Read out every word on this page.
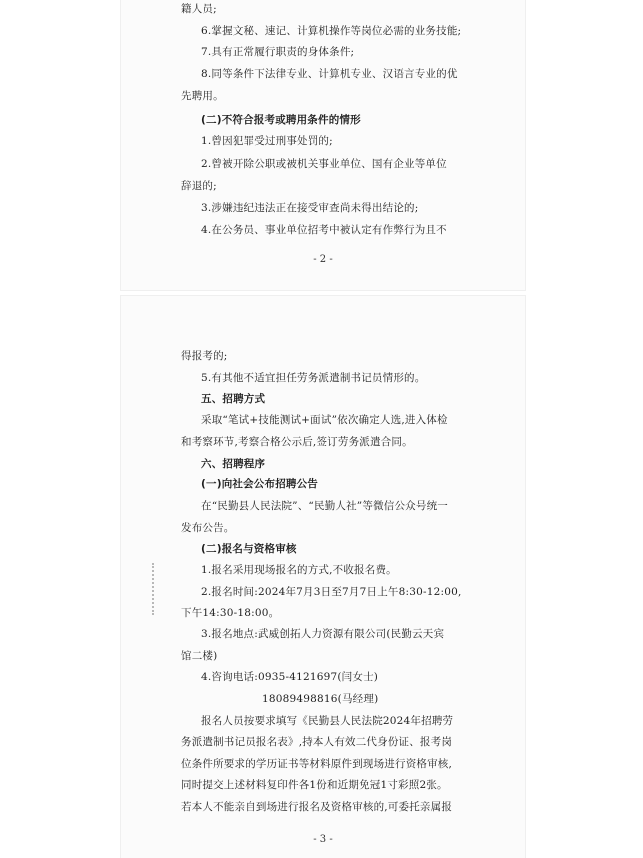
籍人员;
6.掌握文秘、速记、计算机操作等岗位必需的业务技能;
7.具有正常履行职责的身体条件;
8.同等条件下法律专业、计算机专业、汉语言专业的优
先聘用。
(二)不符合报考或聘用条件的情形
1.曾因犯罪受过刑事处罚的;
2.曾被开除公职或被机关事业单位、国有企业等单位
辞退的;
3.涉嫌违纪违法正在接受审查尚未得出结论的;
4.在公务员、事业单位招考中被认定有作弊行为且不
- 2 -
得报考的;
5.有其他不适宜担任劳务派遣制书记员情形的。
五、招聘方式
采取“笔试+技能测试+面试”依次确定人选,进入体检
和考察环节,考察合格公示后,签订劳务派遣合同。
六、招聘程序
(一)向社会公布招聘公告
在“民勤县人民法院”、“民勤人社”等微信公众号统一
发布公告。
(二)报名与资格审核
1.报名采用现场报名的方式,不收报名费。
2.报名时间:2024年7月3日至7月7日上午8:30-12:00,
下午14:30-18:00。
3.报名地点:武威创拓人力资源有限公司(民勤云天宾
馆二楼)
4.咨询电话:0935-4121697(闫女士)
18089498816(马经理)
报名人员按要求填写《民勤县人民法院2024年招聘劳
务派遣制书记员报名表》,持本人有效二代身份证、报考岗
位条件所要求的学历证书等材料原件到现场进行资格审核,
同时提交上述材料复印件各1份和近期免冠1寸彩照2张。
若本人不能亲自到场进行报名及资格审核的,可委托亲属报
- 3 -
